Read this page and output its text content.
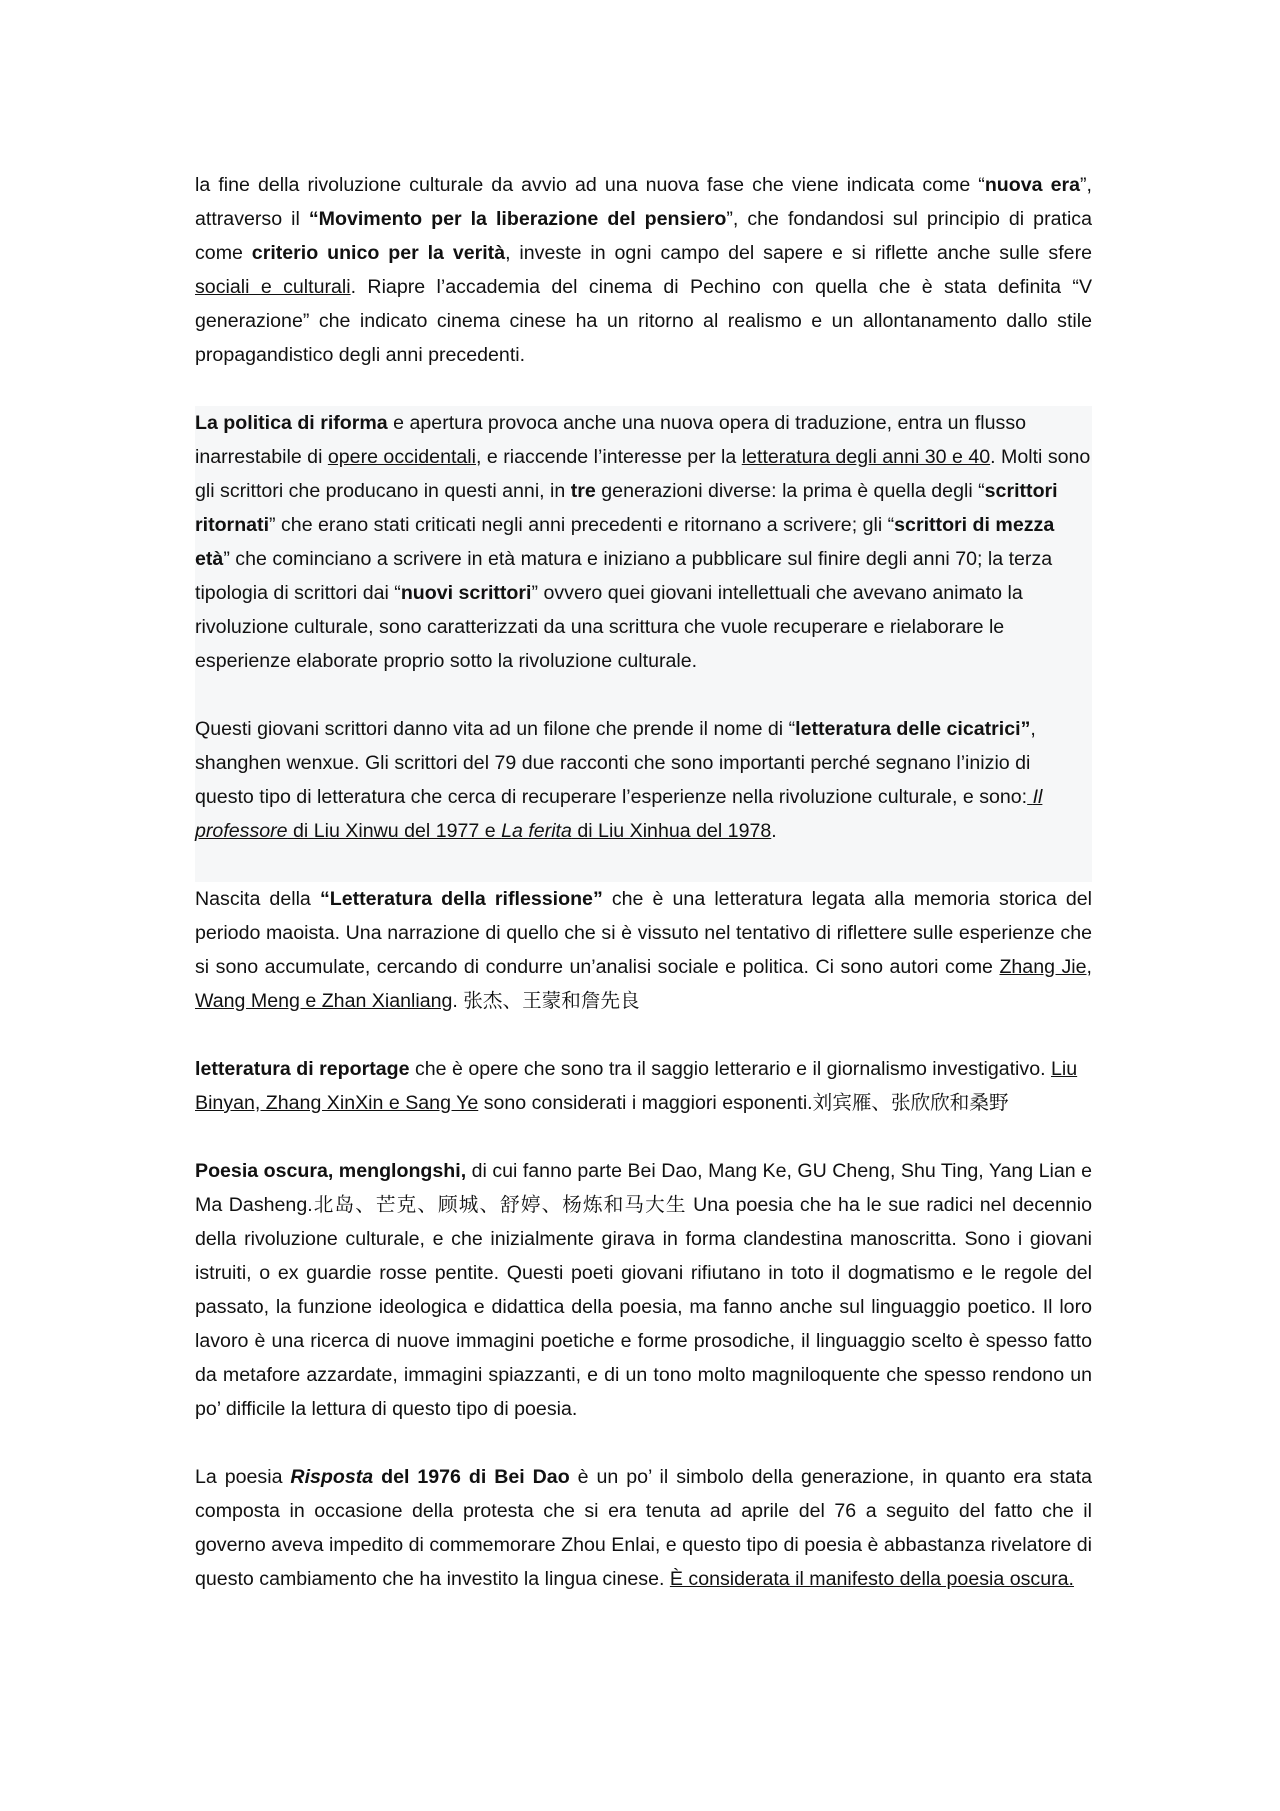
la fine della rivoluzione culturale da avvio ad una nuova fase che viene indicata come “nuova era”, attraverso il “Movimento per la liberazione del pensiero”, che fondandosi sul principio di pratica come criterio unico per la verità, investe in ogni campo del sapere e si riflette anche sulle sfere sociali e culturali. Riapre l’accademia del cinema di Pechino con quella che è stata definita “V generazione” che indicato cinema cinese ha un ritorno al realismo e un allontanamento dallo stile propagandistico degli anni precedenti.

La politica di riforma e apertura provoca anche una nuova opera di traduzione, entra un flusso inarrestabile di opere occidentali, e riaccende l’interesse per la letteratura degli anni 30 e 40. Molti sono gli scrittori che producano in questi anni, in tre generazioni diverse: la prima è quella degli “scrittori ritornati” che erano stati criticati negli anni precedenti e ritornano a scrivere; gli “scrittori di mezza età” che cominciano a scrivere in età matura e iniziano a pubblicare sul finire degli anni 70; la terza tipologia di scrittori dai “nuovi scrittori” ovvero quei giovani intellettuali che avevano animato la rivoluzione culturale, sono caratterizzati da una scrittura che vuole recuperare e rielaborare le esperienze elaborate proprio sotto la rivoluzione culturale.

Questi giovani scrittori danno vita ad un filone che prende il nome di “letteratura delle cicatrici”, shanghen wenxue. Gli scrittori del 79 due racconti che sono importanti perché segnano l’inizio di questo tipo di letteratura che cerca di recuperare l’esperienze nella rivoluzione culturale, e sono: Il professore di Liu Xinwu del 1977 e La ferita di Liu Xinhua del 1978.

Nascita della “Letteratura della riflessione” che è una letteratura legata alla memoria storica del periodo maoista. Una narrazione di quello che si è vissuto nel tentativo di riflettere sulle esperienze che si sono accumulate, cercando di condurre un’analisi sociale e politica. Ci sono autori come Zhang Jie, Wang Meng e Zhan Xianliang. 张杰、王蒙和詹先良

letteratura di reportage che è opere che sono tra il saggio letterario e il giornalismo investigativo. Liu Binyan, Zhang XinXin e Sang Ye sono considerati i maggiori esponenti.刘宾雁、张欣欣和桑野

Poesia oscura, menglongshi, di cui fanno parte Bei Dao, Mang Ke, GU Cheng, Shu Ting, Yang Lian e Ma Dasheng.北岛、芒克、顾城、舒婷、杨炼和马大生 Una poesia che ha le sue radici nel decennio della rivoluzione culturale, e che inizialmente girava in forma clandestina manoscritta. Sono i giovani istruiti, o ex guardie rosse pentite. Questi poeti giovani rifiutano in toto il dogmatismo e le regole del passato, la funzione ideologica e didattica della poesia, ma fanno anche sul linguaggio poetico. Il loro lavoro è una ricerca di nuove immagini poetiche e forme prosodiche, il linguaggio scelto è spesso fatto da metafore azzardate, immagini spiazzanti, e di un tono molto magniloquente che spesso rendono un po’ difficile la lettura di questo tipo di poesia.

La poesia Risposta del 1976 di Bei Dao è un po’ il simbolo della generazione, in quanto era stata composta in occasione della protesta che si era tenuta ad aprile del 76 a seguito del fatto che il governo aveva impedito di commemorare Zhou Enlai, e questo tipo di poesia è abbastanza rivelatore di questo cambiamento che ha investito la lingua cinese. È considerata il manifesto della poesia oscura.
